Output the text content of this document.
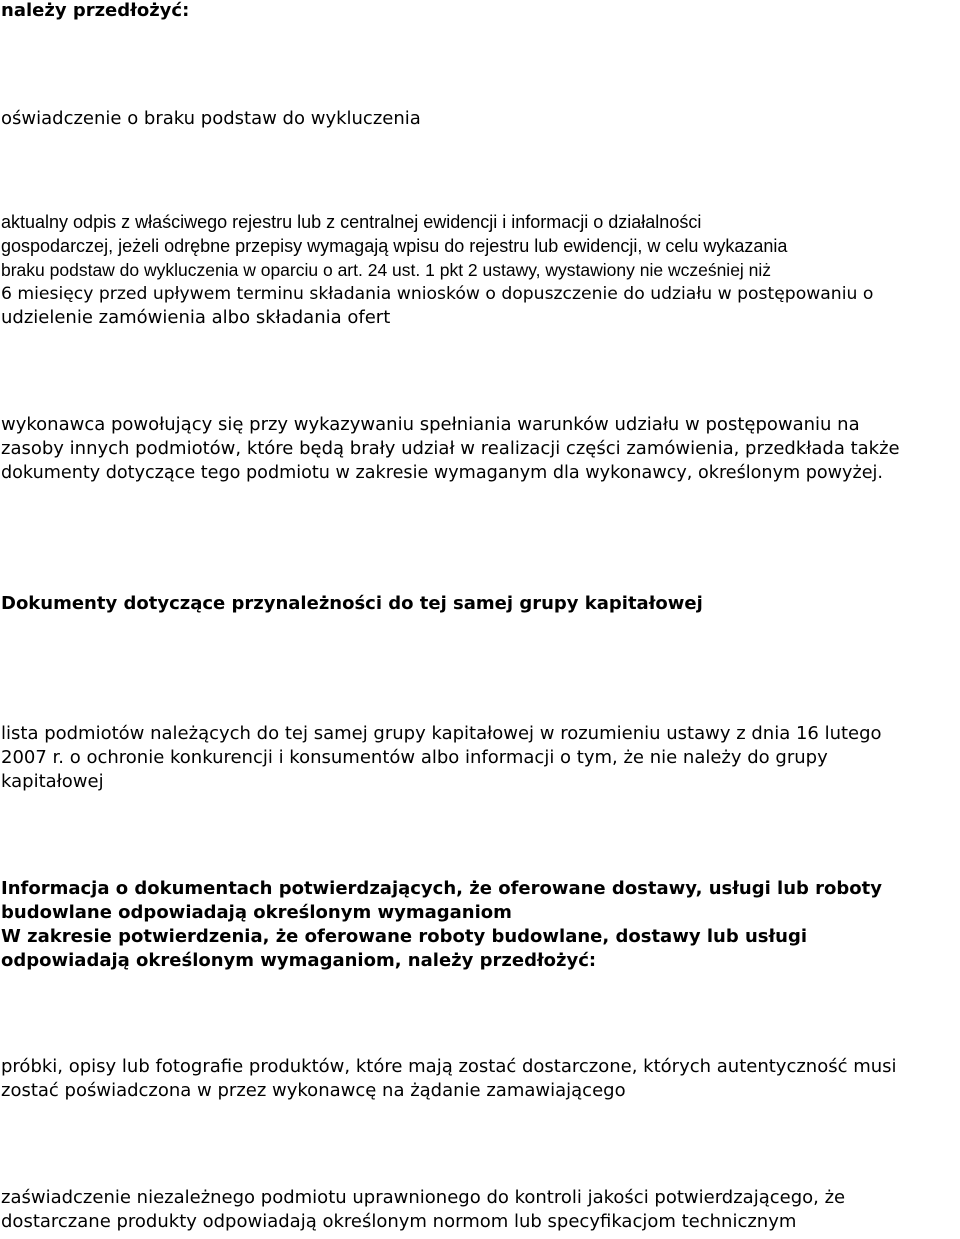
należy przedłożyć:

oświadczenie o braku podstaw do wykluczenia

aktualny odpis z właściwego rejestru lub z centralnej ewidencji i informacji o działalności
gospodarczej, jeżeli odrębne przepisy wymagają wpisu do rejestru lub ewidencji, w celu wykazania
braku podstaw do wykluczenia w oparciu o art. 24 ust. 1 pkt 2 ustawy, wystawiony nie wcześniej niż
6 miesięcy przed upływem terminu składania wniosków o dopuszczenie do udziału w postępowaniu o
udzielenie zamówienia albo składania ofert

wykonawca powołujący się przy wykazywaniu spełniania warunków udziału w postępowaniu na
zasoby innych podmiotów, które będą brały udział w realizacji części zamówienia, przedkłada także
dokumenty dotyczące tego podmiotu w zakresie wymaganym dla wykonawcy, określonym powyżej.

Dokumenty dotyczące przynależności do tej samej grupy kapitałowej

lista podmiotów należących do tej samej grupy kapitałowej w rozumieniu ustawy z dnia 16 lutego
2007 r. o ochronie konkurencji i konsumentów albo informacji o tym, że nie należy do grupy
kapitałowej

Informacja o dokumentach potwierdzających, że oferowane dostawy, usługi lub roboty
budowlane odpowiadają określonym wymaganiom
W zakresie potwierdzenia, że oferowane roboty budowlane, dostawy lub usługi
odpowiadają określonym wymaganiom, należy przedłożyć:

próbki, opisy lub fotografie produktów, które mają zostać dostarczone, których autentyczność musi
zostać poświadczona w przez wykonawcę na żądanie zamawiającego

zaświadczenie niezależnego podmiotu uprawnionego do kontroli jakości potwierdzającego, że
dostarczane produkty odpowiadają określonym normom lub specyfikacjom technicznym
